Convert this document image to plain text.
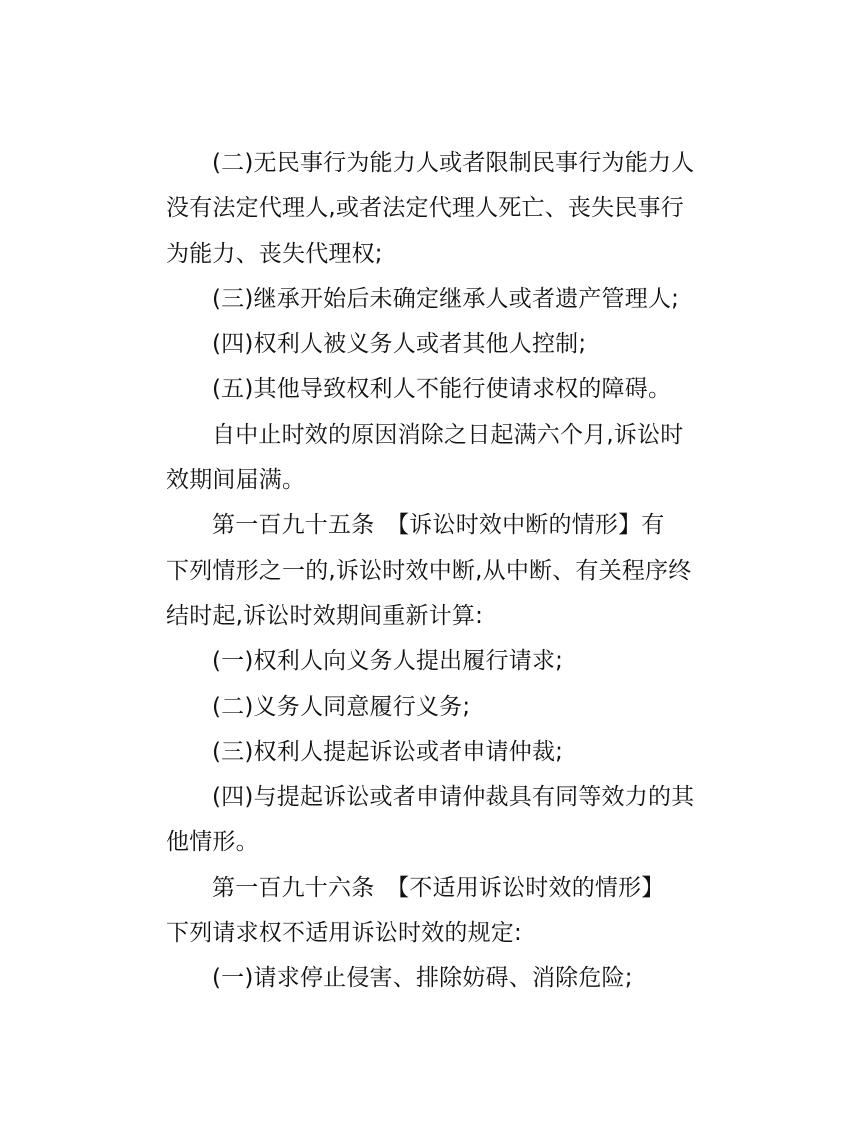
(二)无民事行为能力人或者限制民事行为能力人

没有法定代理人,或者法定代理人死亡、丧失民事行

为能力、丧失代理权;

(三)继承开始后未确定继承人或者遗产管理人;

(四)权利人被义务人或者其他人控制;

(五)其他导致权利人不能行使请求权的障碍。

自中止时效的原因消除之日起满六个月,诉讼时

效期间届满。

第一百九十五条　【诉讼时效中断的情形】有

下列情形之一的,诉讼时效中断,从中断、有关程序终

结时起,诉讼时效期间重新计算:

(一)权利人向义务人提出履行请求;

(二)义务人同意履行义务;

(三)权利人提起诉讼或者申请仲裁;

(四)与提起诉讼或者申请仲裁具有同等效力的其

他情形。

第一百九十六条　【不适用诉讼时效的情形】

下列请求权不适用诉讼时效的规定:

(一)请求停止侵害、排除妨碍、消除危险;
